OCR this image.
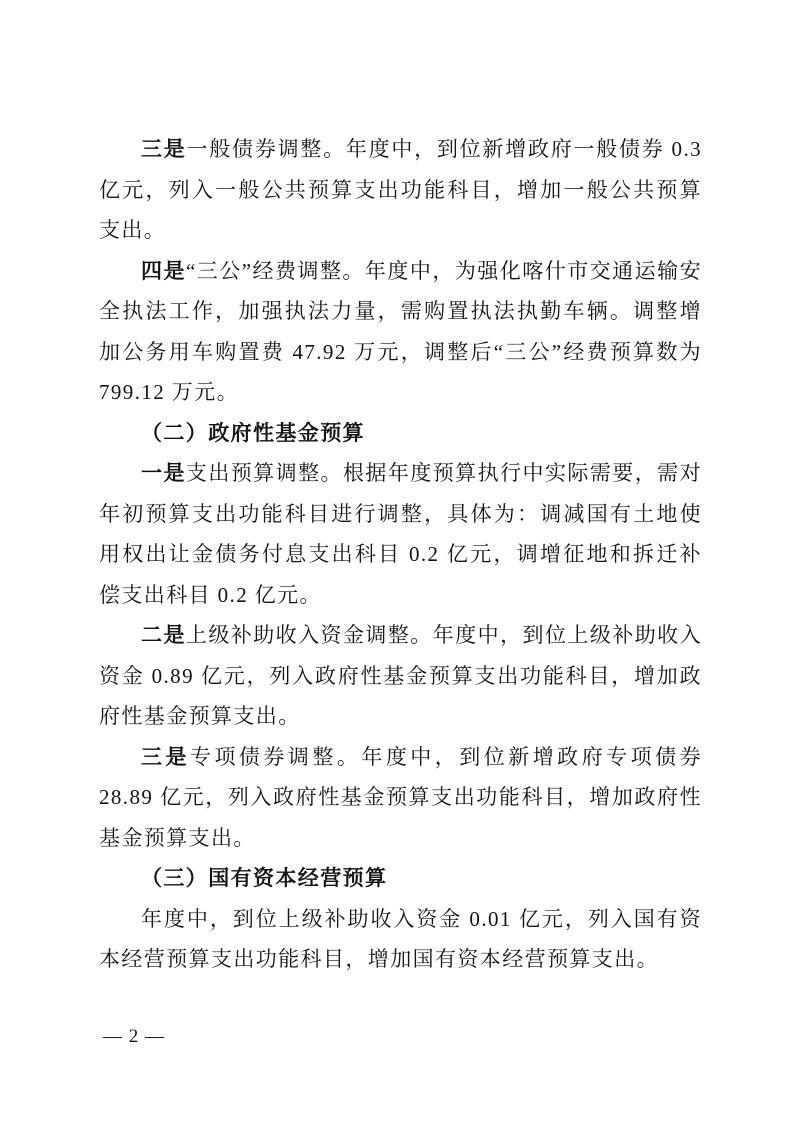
三是一般债券调整。年度中，到位新增政府一般债券 0.3 亿元，列入一般公共预算支出功能科目，增加一般公共预算支出。

四是“三公”经费调整。年度中，为强化喀什市交通运输安全执法工作，加强执法力量，需购置执法执勤车辆。调整增加公务用车购置费 47.92 万元，调整后“三公”经费预算数为 799.12 万元。

（二）政府性基金预算

一是支出预算调整。根据年度预算执行中实际需要，需对年初预算支出功能科目进行调整，具体为：调减国有土地使用权出让金债务付息支出科目 0.2 亿元，调增征地和拆迁补偿支出科目 0.2 亿元。

二是上级补助收入资金调整。年度中，到位上级补助收入资金 0.89 亿元，列入政府性基金预算支出功能科目，增加政府性基金预算支出。

三是专项债券调整。年度中，到位新增政府专项债券 28.89 亿元，列入政府性基金预算支出功能科目，增加政府性基金预算支出。

（三）国有资本经营预算

年度中，到位上级补助收入资金 0.01 亿元，列入国有资本经营预算支出功能科目，增加国有资本经营预算支出。

— 2 —
